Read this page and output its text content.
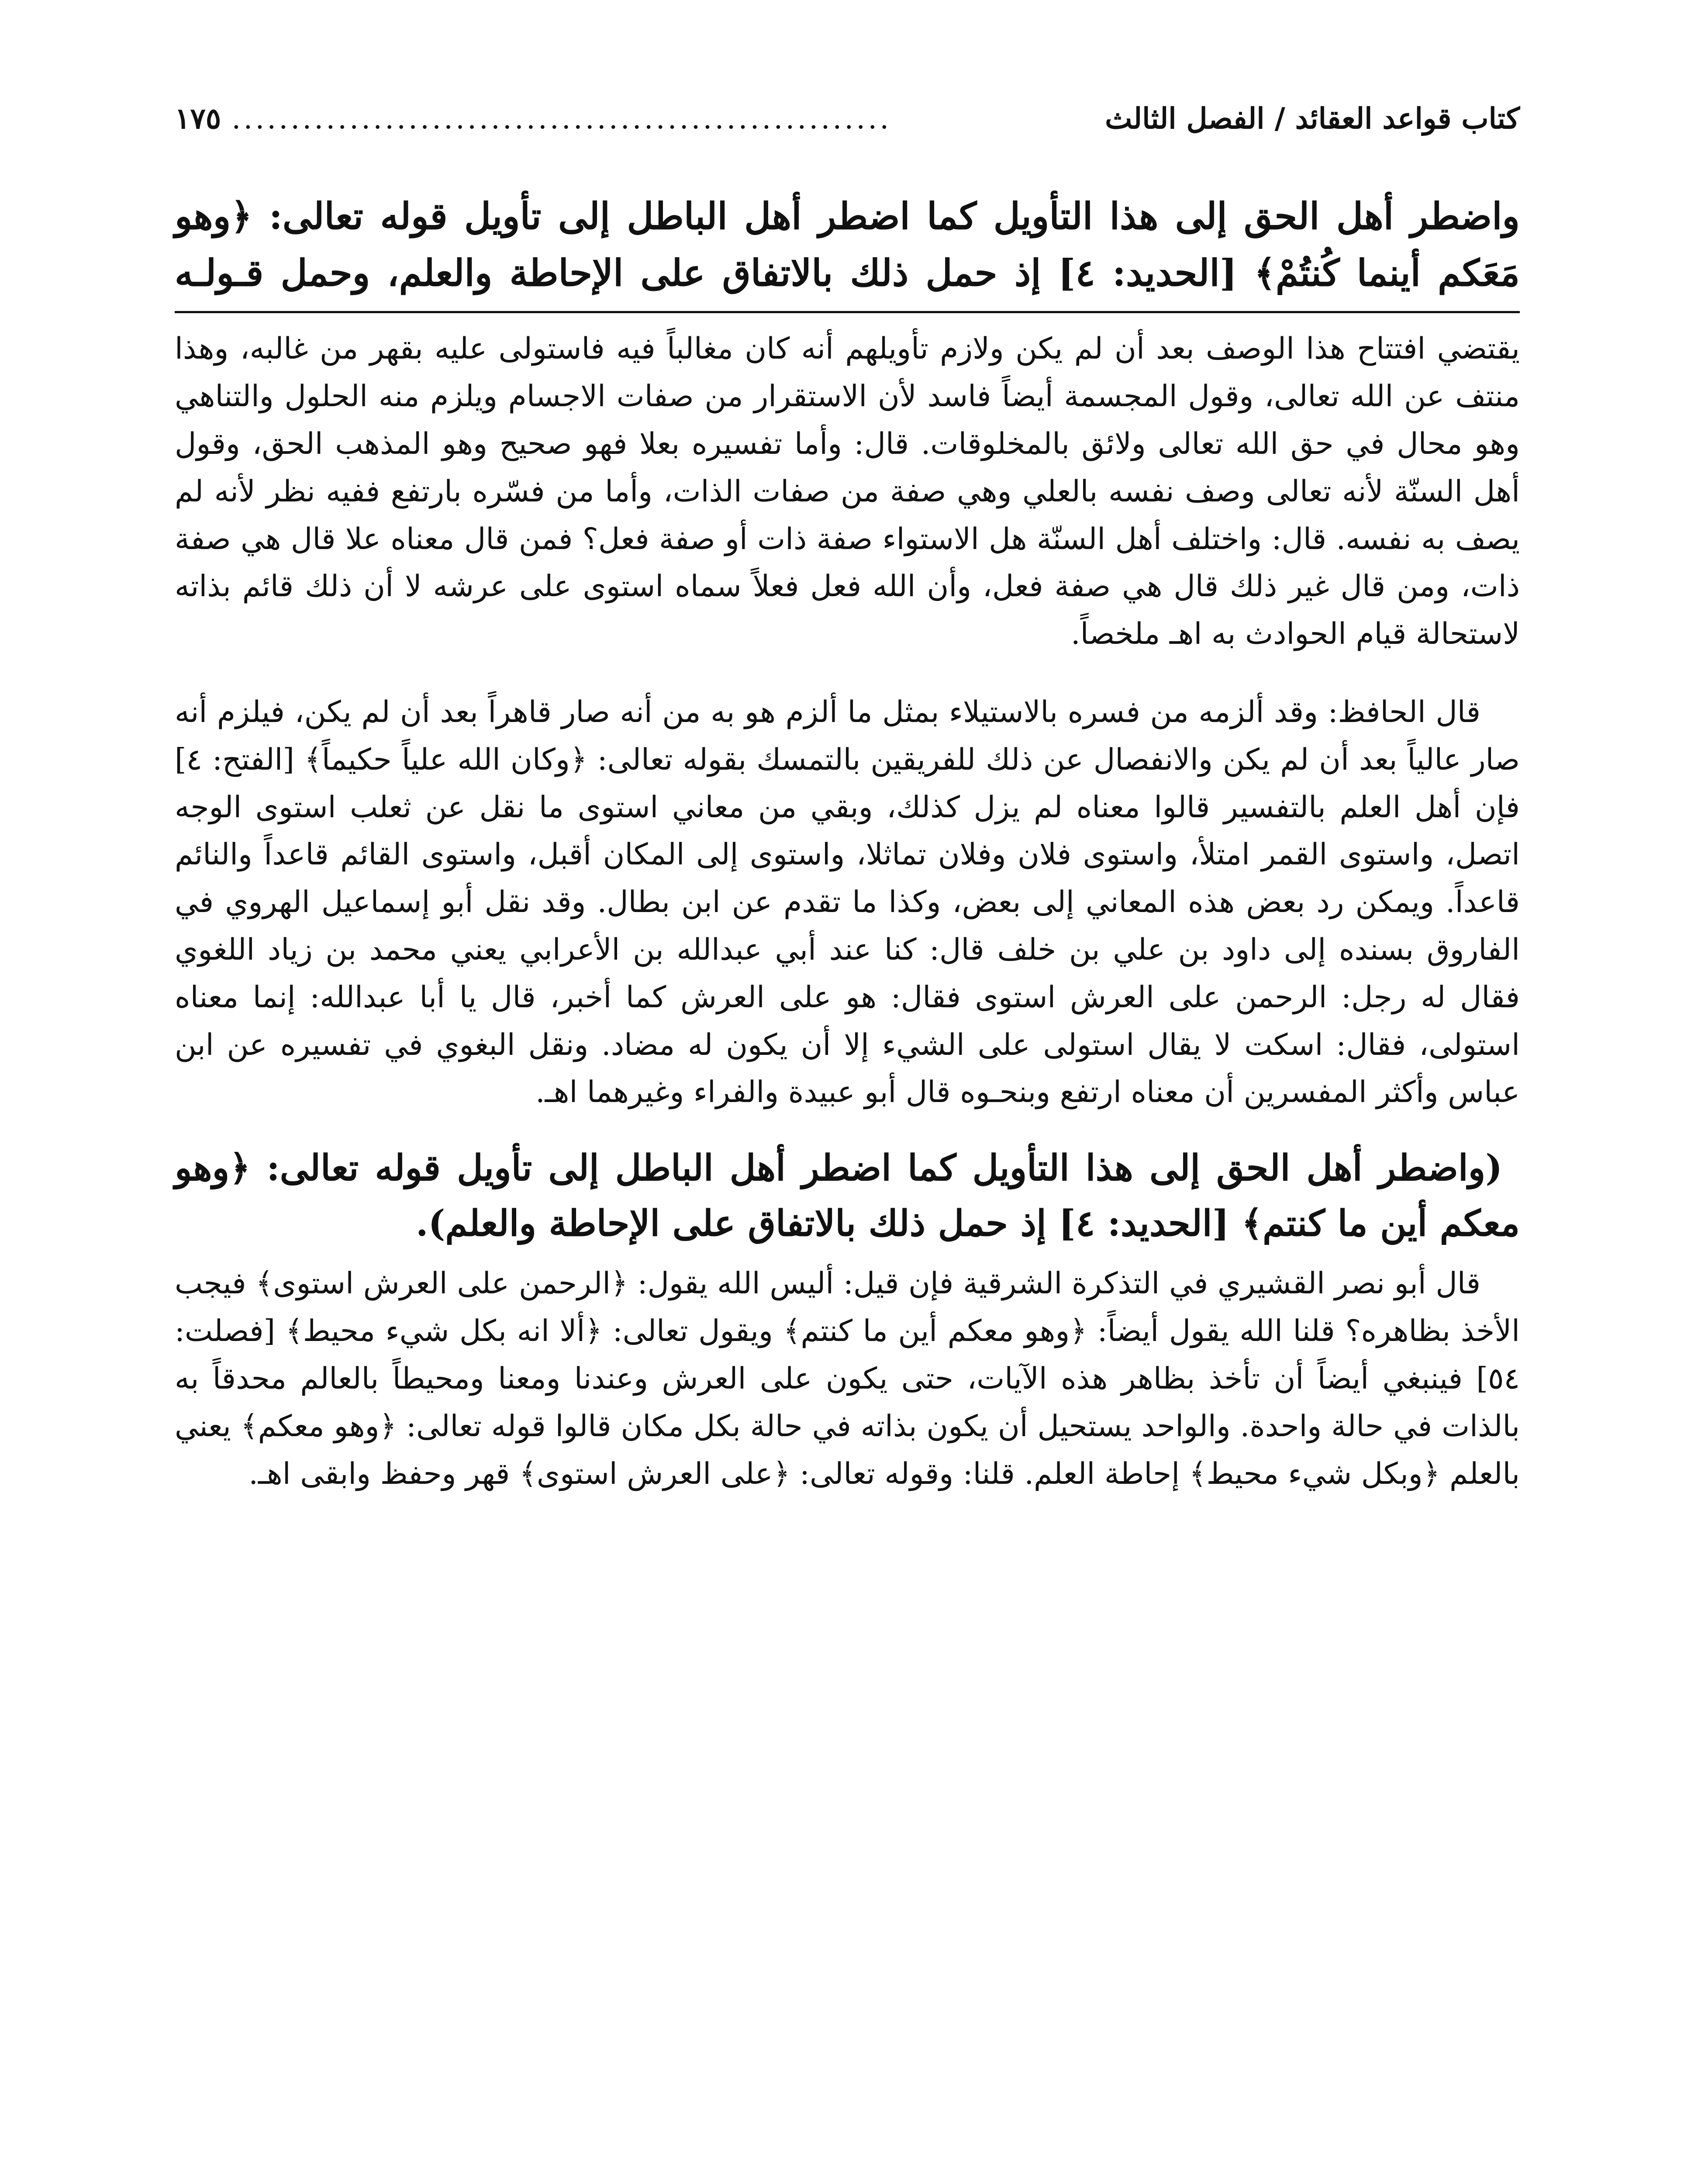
كتاب قواعد العقائد / الفصل الثالث
........................................................
١٧٥
واضطر أهل الحق إلى هذا التأويل كما اضطر أهل الباطل إلى تأويل قوله تعالى: ﴿وهو مَعَكم أينما كُنتُمْ﴾ [الحديد: ٤] إذ حمل ذلك بالاتفاق على الإحاطة والعلم، وحمل قـولـه

يقتضي افتتاح هذا الوصف بعد أن لم يكن ولازم تأويلهم أنه كان مغالباً فيه فاستولى عليه بقهر من غالبه، وهذا منتف عن الله تعالى، وقول المجسمة أيضاً فاسد لأن الاستقرار من صفات الاجسام ويلزم منه الحلول والتناهي وهو محال في حق الله تعالى ولائق بالمخلوقات. قال: وأما تفسيره بعلا فهو صحيح وهو المذهب الحق، وقول أهل السنّة لأنه تعالى وصف نفسه بالعلي وهي صفة من صفات الذات، وأما من فسّره بارتفع ففيه نظر لأنه لم يصف به نفسه. قال: واختلف أهل السنّة هل الاستواء صفة ذات أو صفة فعل؟ فمن قال معناه علا قال هي صفة ذات، ومن قال غير ذلك قال هي صفة فعل، وأن الله فعل فعلاً سماه استوى على عرشه لا أن ذلك قائم بذاته لاستحالة قيام الحوادث به اهـ ملخصاً.

قال الحافظ: وقد ألزمه من فسره بالاستيلاء بمثل ما ألزم هو به من أنه صار قاهراً بعد أن لم يكن، فيلزم أنه صار عالياً بعد أن لم يكن والانفصال عن ذلك للفريقين بالتمسك بقوله تعالى: ﴿وكان الله علياً حكيماً﴾ [الفتح: ٤] فإن أهل العلم بالتفسير قالوا معناه لم يزل كذلك، وبقي من معاني استوى ما نقل عن ثعلب استوى الوجه اتصل، واستوى القمر امتلأ، واستوى فلان وفلان تماثلا، واستوى إلى المكان أقبل، واستوى القائم قاعداً والنائم قاعداً. ويمكن رد بعض هذه المعاني إلى بعض، وكذا ما تقدم عن ابن بطال. وقد نقل أبو إسماعيل الهروي في الفاروق بسنده إلى داود بن علي بن خلف قال: كنا عند أبي عبدالله بن الأعرابي يعني محمد بن زياد اللغوي فقال له رجل: الرحمن على العرش استوى فقال: هو على العرش كما أخبر، قال يا أبا عبدالله: إنما معناه استولى، فقال: اسكت لا يقال استولى على الشيء إلا أن يكون له مضاد. ونقل البغوي في تفسيره عن ابن عباس وأكثر المفسرين أن معناه ارتفع وبنحـوه قال أبو عبيدة والفراء وغيرهما اهـ.

(واضطر أهل الحق إلى هذا التأويل كما اضطر أهل الباطل إلى تأويل قوله تعالى: ﴿وهو معكم أين ما كنتم﴾ [الحديد: ٤] إذ حمل ذلك بالاتفاق على الإحاطة والعلم).

قال أبو نصر القشيري في التذكرة الشرقية فإن قيل: أليس الله يقول: ﴿الرحمن على العرش استوى﴾ فيجب الأخذ بظاهره؟ قلنا الله يقول أيضاً: ﴿وهو معكم أين ما كنتم﴾ ويقول تعالى: ﴿ألا انه بكل شيء محيط﴾ [فصلت: ٥٤] فينبغي أيضاً أن تأخذ بظاهر هذه الآيات، حتى يكون على العرش وعندنا ومعنا ومحيطاً بالعالم محدقاً به بالذات في حالة واحدة. والواحد يستحيل أن يكون بذاته في حالة بكل مكان قالوا قوله تعالى: ﴿وهو معكم﴾ يعني بالعلم ﴿وبكل شيء محيط﴾ إحاطة العلم. قلنا: وقوله تعالى: ﴿على العرش استوى﴾ قهر وحفظ وابقى اهـ.
